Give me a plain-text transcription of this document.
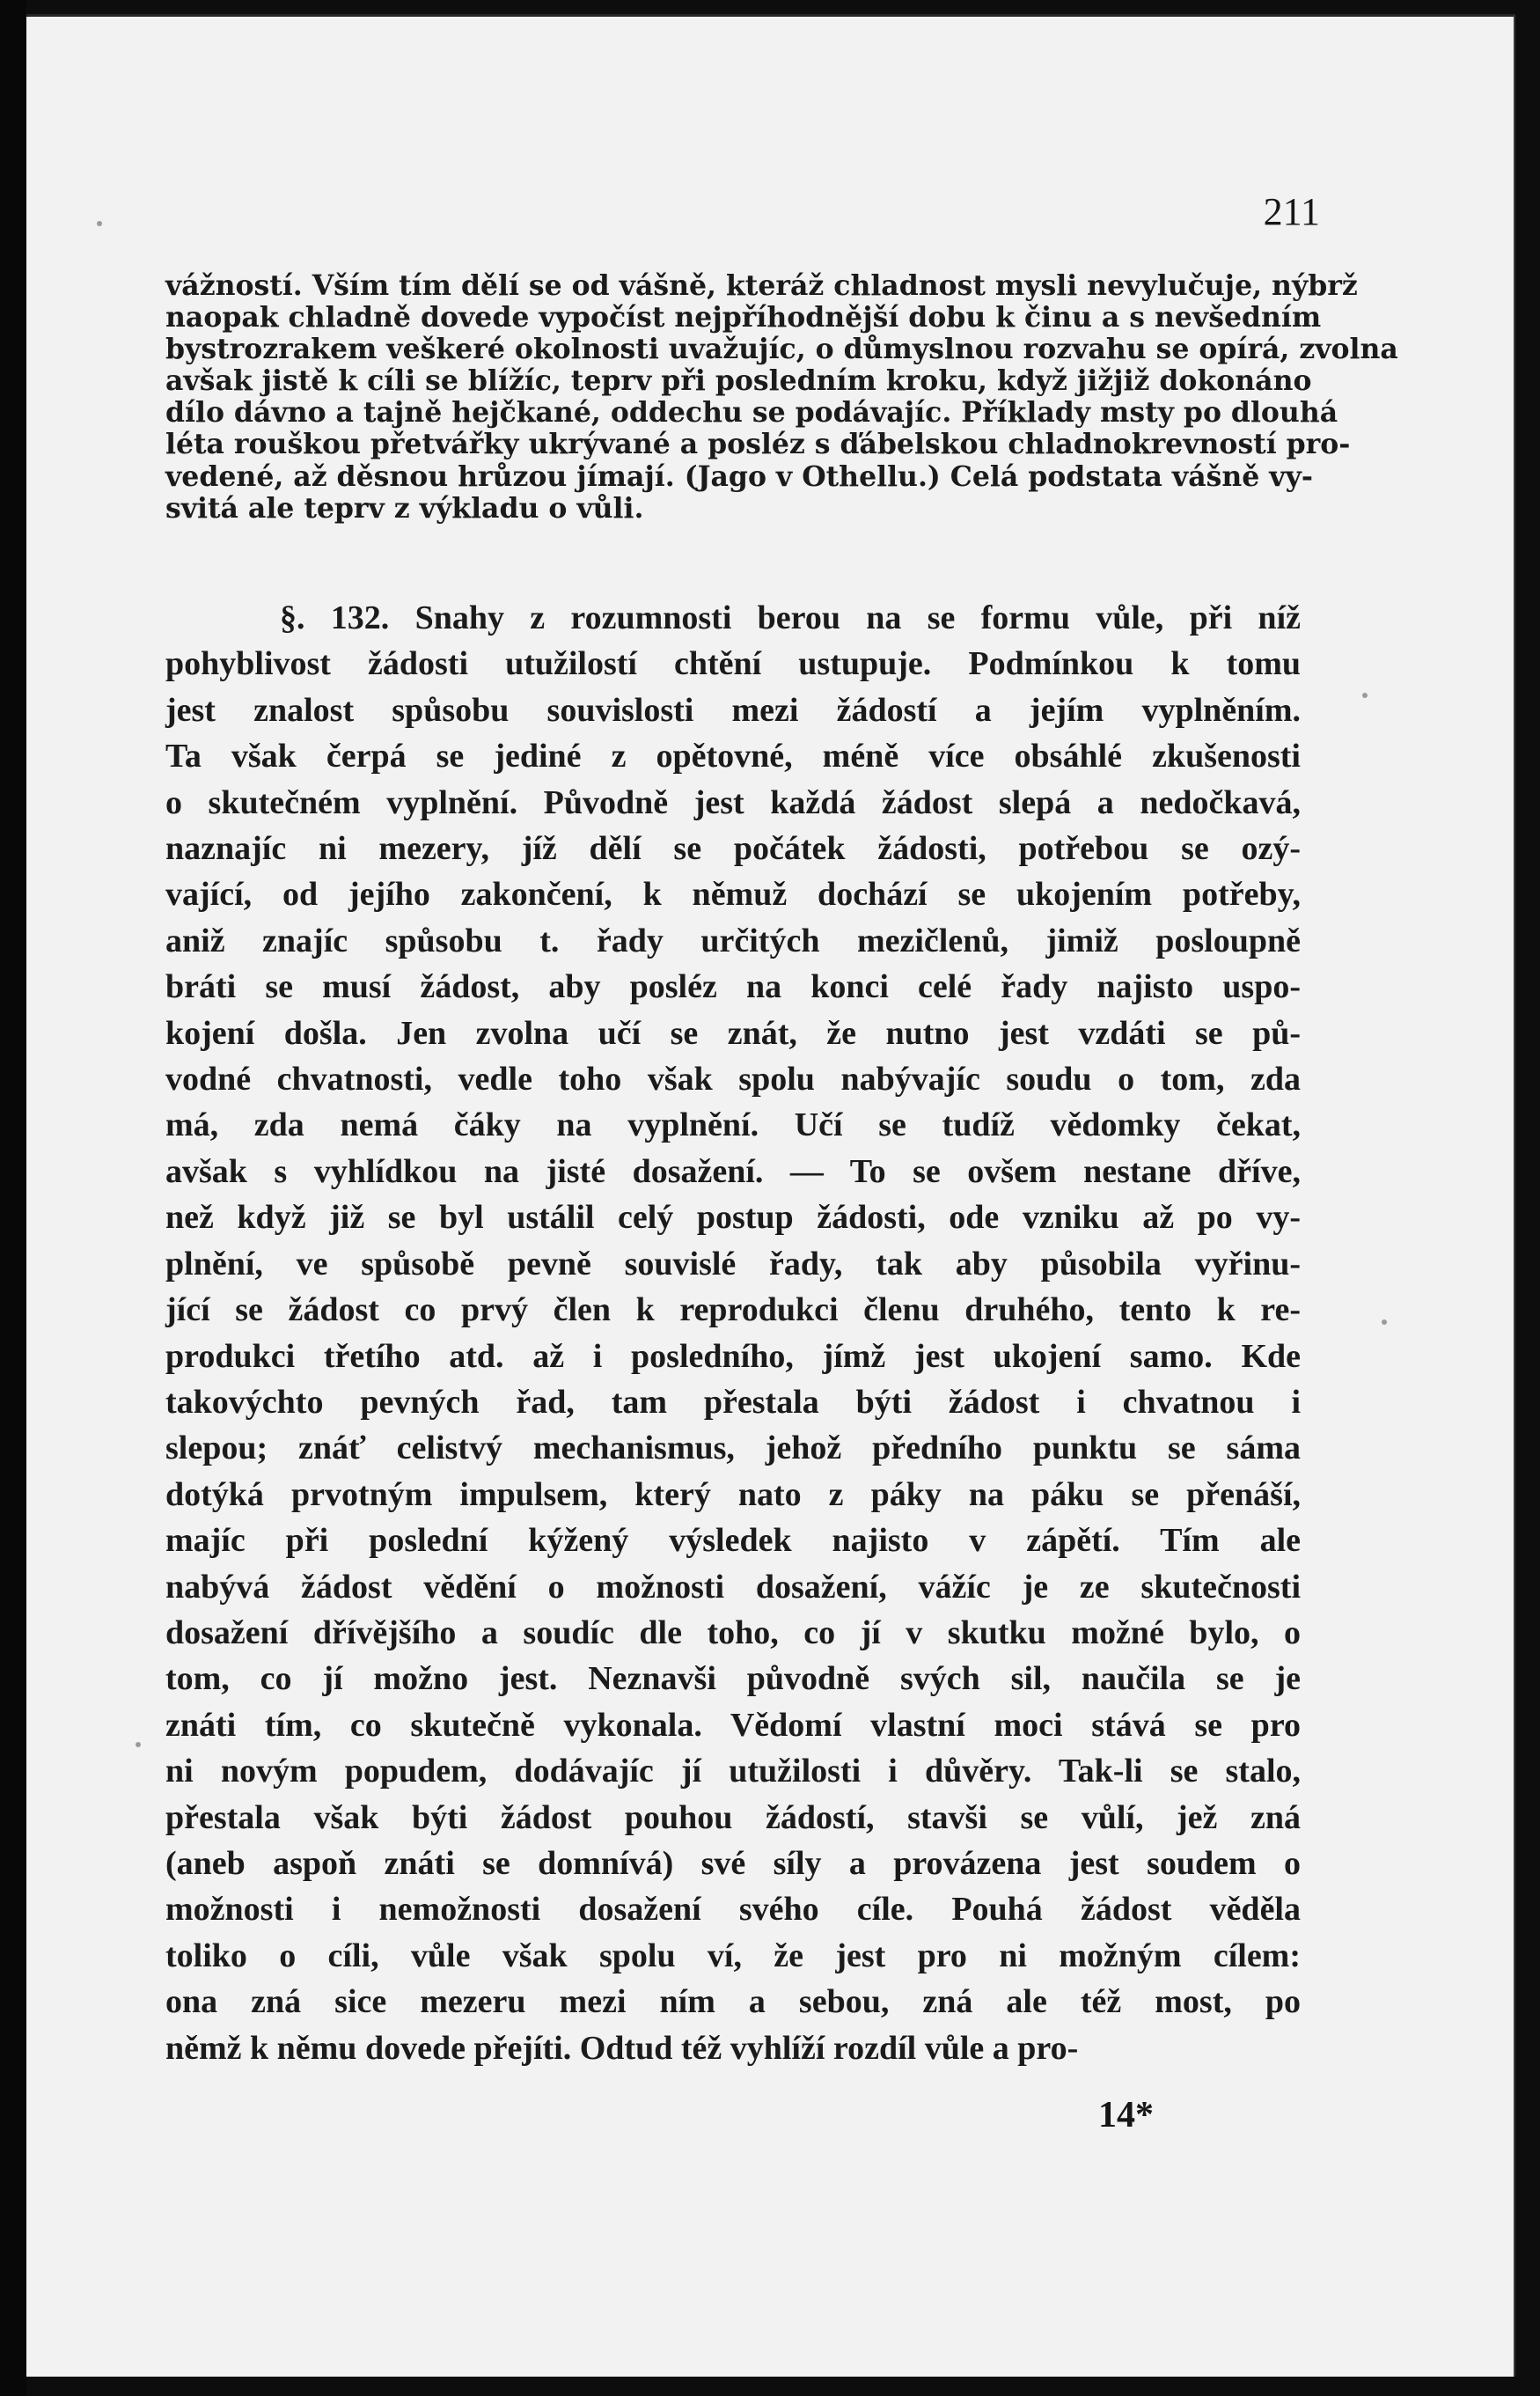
211

vážností. Vším tím dělí se od vášně, kteráž chladnost mysli nevylučuje, nýbrž
naopak chladně dovede vypočíst nejpříhodnější dobu k činu a s nevšedním
bystrozrakem veškeré okolnosti uvažujíc, o důmyslnou rozvahu se opírá, zvolna
avšak jistě k cíli se blížíc, teprv při posledním kroku, když jižjiž dokonáno
dílo dávno a tajně hejčkané, oddechu se podávajíc. Příklady msty po dlouhá
léta rouškou přetvářky ukrývané a posléz s ďábelskou chladnokrevností pro-
vedené, až děsnou hrůzou jímají. (Jago v Othellu.) Celá podstata vášně vy-
svitá ale teprv z výkladu o vůli.

§. 132. Snahy z rozumnosti berou na se formu vůle, při níž
pohyblivost žádosti utužilostí chtění ustupuje. Podmínkou k tomu
jest znalost spůsobu souvislosti mezi žádostí a jejím vyplněním.
Ta však čerpá se jediné z opětovné, méně více obsáhlé zkušenosti
o skutečném vyplnění. Původně jest každá žádost slepá a nedočkavá,
naznajíc ni mezery, jíž dělí se počátek žádosti, potřebou se ozý-
vající, od jejího zakončení, k němuž dochází se ukojením potřeby,
aniž znajíc spůsobu t. řady určitých mezičlenů, jimiž posloupně
bráti se musí žádost, aby posléz na konci celé řady najisto uspo-
kojení došla. Jen zvolna učí se znát, že nutno jest vzdáti se pů-
vodné chvatnosti, vedle toho však spolu nabývajíc soudu o tom, zda
má, zda nemá čáky na vyplnění. Učí se tudíž vědomky čekat,
avšak s vyhlídkou na jisté dosažení. — To se ovšem nestane dříve,
než když již se byl ustálil celý postup žádosti, ode vzniku až po vy-
plnění, ve spůsobě pevně souvislé řady, tak aby působila vyřinu-
jící se žádost co prvý člen k reprodukci členu druhého, tento k re-
produkci třetího atd. až i posledního, jímž jest ukojení samo. Kde
takovýchto pevných řad, tam přestala býti žádost i chvatnou i
slepou; znáť celistvý mechanismus, jehož předního punktu se sáma
dotýká prvotným impulsem, který nato z páky na páku se přenáší,
majíc při poslední kýžený výsledek najisto v zápětí. Tím ale
nabývá žádost vědění o možnosti dosažení, vážíc je ze skutečnosti
dosažení dřívějšího a soudíc dle toho, co jí v skutku možné bylo, o
tom, co jí možno jest. Neznavši původně svých sil, naučila se je
znáti tím, co skutečně vykonala. Vědomí vlastní moci stává se pro
ni novým popudem, dodávajíc jí utužilosti i důvěry. Tak-li se stalo,
přestala však býti žádost pouhou žádostí, stavši se vůlí, jež zná
(aneb aspoň znáti se domnívá) své síly a provázena jest soudem o
možnosti i nemožnosti dosažení svého cíle. Pouhá žádost věděla
toliko o cíli, vůle však spolu ví, že jest pro ni možným cílem:
ona zná sice mezeru mezi ním a sebou, zná ale též most, po
němž k němu dovede přejíti. Odtud též vyhlíží rozdíl vůle a pro-

14*
